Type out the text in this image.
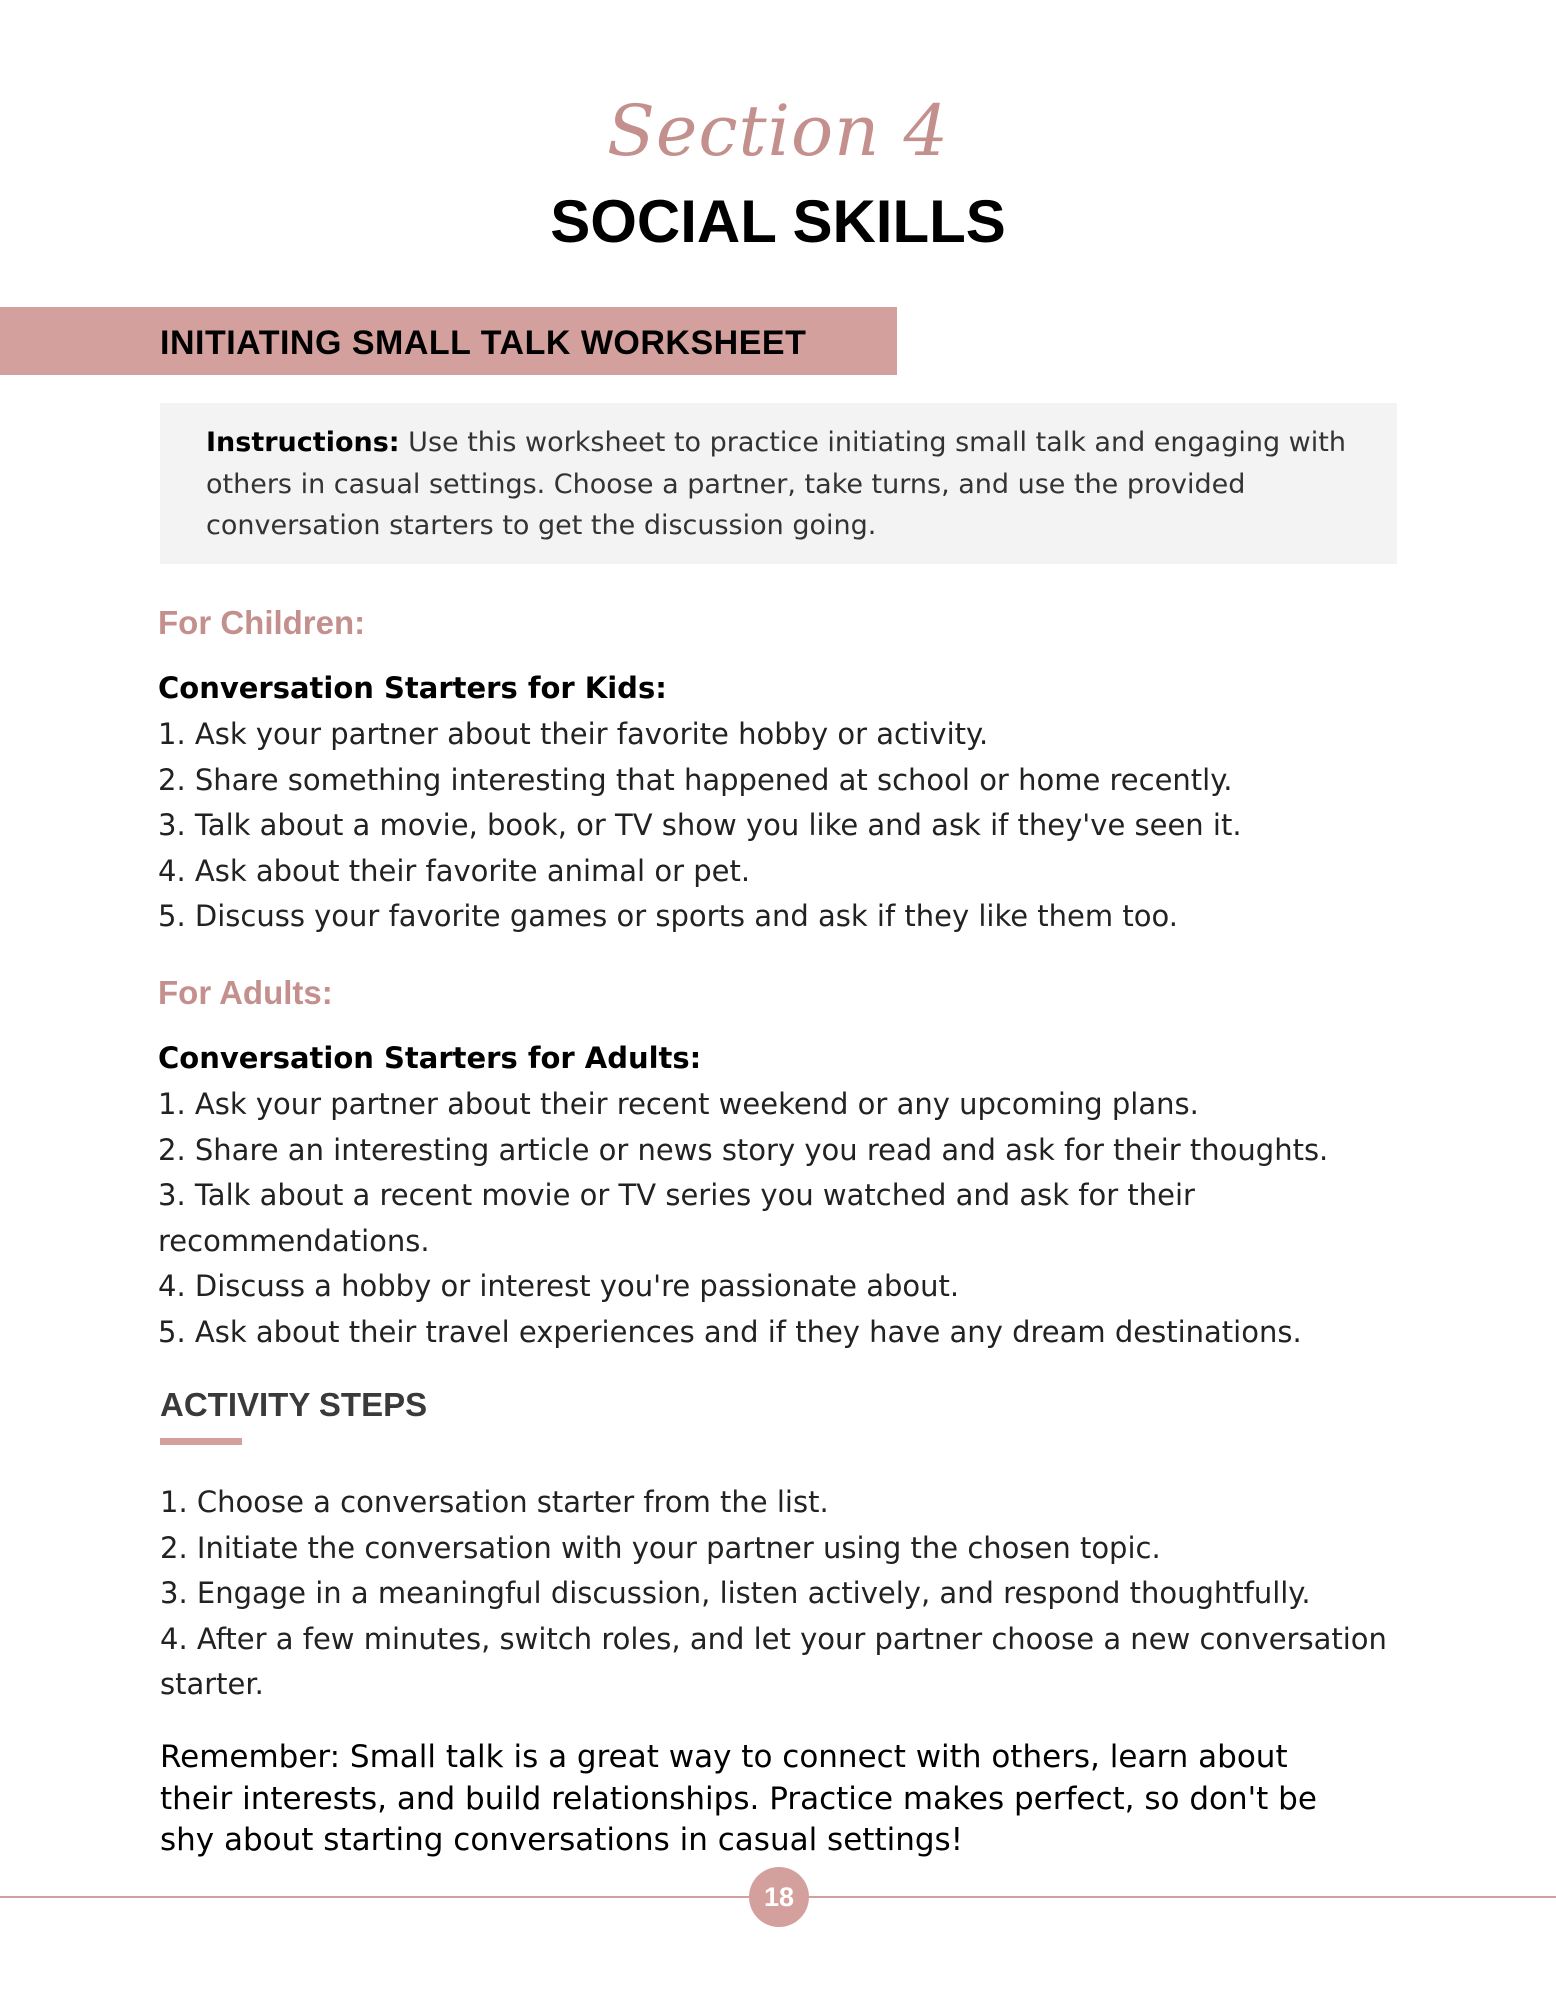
Section 4
SOCIAL SKILLS
INITIATING SMALL TALK WORKSHEET
Instructions: Use this worksheet to practice initiating small talk and engaging with others in casual settings. Choose a partner, take turns, and use the provided conversation starters to get the discussion going.
For Children:
Conversation Starters for Kids:
1. Ask your partner about their favorite hobby or activity.
2. Share something interesting that happened at school or home recently.
3. Talk about a movie, book, or TV show you like and ask if they've seen it.
4. Ask about their favorite animal or pet.
5. Discuss your favorite games or sports and ask if they like them too.
For Adults:
Conversation Starters for Adults:
1. Ask your partner about their recent weekend or any upcoming plans.
2. Share an interesting article or news story you read and ask for their thoughts.
3. Talk about a recent movie or TV series you watched and ask for their
recommendations.
4. Discuss a hobby or interest you're passionate about.
5. Ask about their travel experiences and if they have any dream destinations.
ACTIVITY STEPS
1. Choose a conversation starter from the list.
2. Initiate the conversation with your partner using the chosen topic.
3. Engage in a meaningful discussion, listen actively, and respond thoughtfully.
4. After a few minutes, switch roles, and let your partner choose a new conversation
starter.
Remember: Small talk is a great way to connect with others, learn about their interests, and build relationships. Practice makes perfect, so don't be shy about starting conversations in casual settings!
18
